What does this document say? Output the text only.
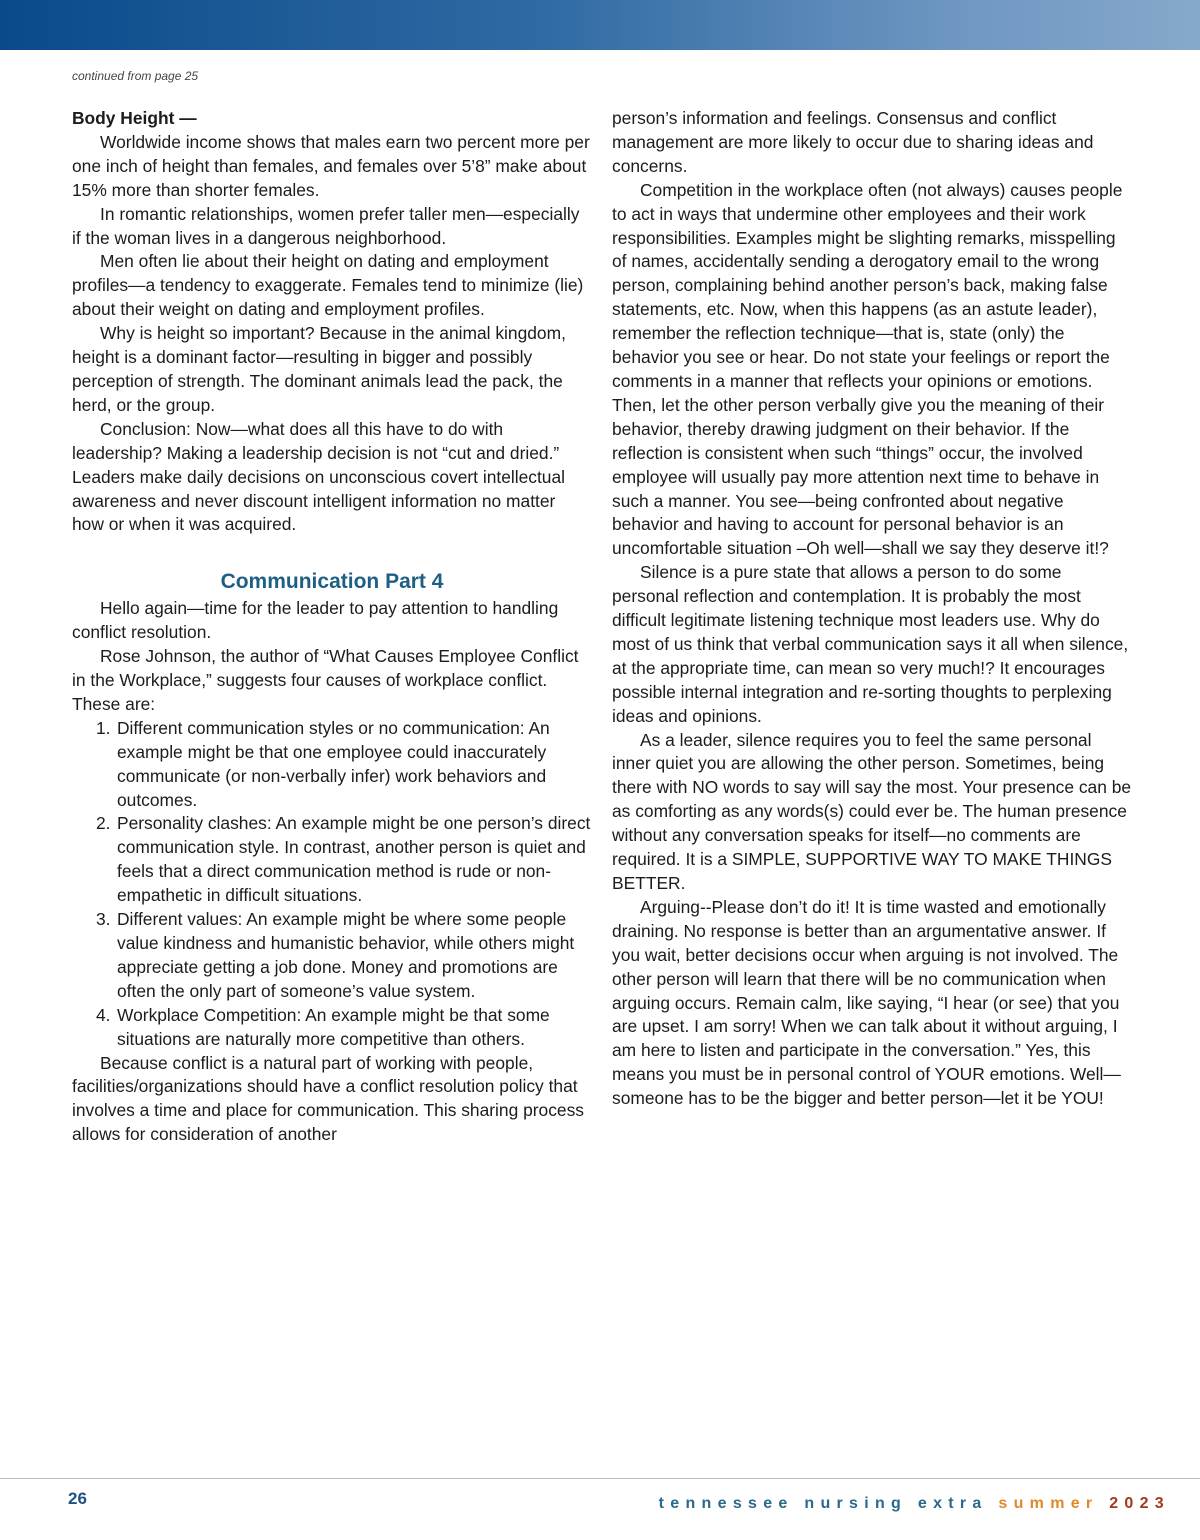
continued from page 25
Body Height —

Worldwide income shows that males earn two percent more per one inch of height than females, and females over 5’8” make about 15% more than shorter females.

In romantic relationships, women prefer taller men—especially if the woman lives in a dangerous neighborhood.

Men often lie about their height on dating and employment profiles—a tendency to exaggerate. Females tend to minimize (lie) about their weight on dating and employment profiles.

Why is height so important? Because in the animal kingdom, height is a dominant factor—resulting in bigger and possibly perception of strength. The dominant animals lead the pack, the herd, or the group.

Conclusion: Now—what does all this have to do with leadership? Making a leadership decision is not “cut and dried.” Leaders make daily decisions on unconscious covert intellectual awareness and never discount intelligent information no matter how or when it was acquired.

Communication Part 4

Hello again—time for the leader to pay attention to handling conflict resolution.

Rose Johnson, the author of “What Causes Employee Conflict in the Workplace,” suggests four causes of workplace conflict. These are:

1. Different communication styles or no communication: An example might be that one employee could inaccurately communicate (or non-verbally infer) work behaviors and outcomes.
2. Personality clashes: An example might be one person’s direct communication style. In contrast, another person is quiet and feels that a direct communication method is rude or non-empathetic in difficult situations.
3. Different values: An example might be where some people value kindness and humanistic behavior, while others might appreciate getting a job done. Money and promotions are often the only part of someone’s value system.
4. Workplace Competition: An example might be that some situations are naturally more competitive than others.

Because conflict is a natural part of working with people, facilities/organizations should have a conflict resolution policy that involves a time and place for communication. This sharing process allows for consideration of another

person’s information and feelings. Consensus and conflict management are more likely to occur due to sharing ideas and concerns.

Competition in the workplace often (not always) causes people to act in ways that undermine other employees and their work responsibilities. Examples might be slighting remarks, misspelling of names, accidentally sending a derogatory email to the wrong person, complaining behind another person’s back, making false statements, etc. Now, when this happens (as an astute leader), remember the reflection technique—that is, state (only) the behavior you see or hear. Do not state your feelings or report the comments in a manner that reflects your opinions or emotions. Then, let the other person verbally give you the meaning of their behavior, thereby drawing judgment on their behavior. If the reflection is consistent when such “things” occur, the involved employee will usually pay more attention next time to behave in such a manner. You see—being confronted about negative behavior and having to account for personal behavior is an uncomfortable situation –Oh well—shall we say they deserve it!?

Silence is a pure state that allows a person to do some personal reflection and contemplation. It is probably the most difficult legitimate listening technique most leaders use. Why do most of us think that verbal communication says it all when silence, at the appropriate time, can mean so very much!? It encourages possible internal integration and re-sorting thoughts to perplexing ideas and opinions.

As a leader, silence requires you to feel the same personal inner quiet you are allowing the other person. Sometimes, being there with NO words to say will say the most. Your presence can be as comforting as any words(s) could ever be. The human presence without any conversation speaks for itself—no comments are required. It is a SIMPLE, SUPPORTIVE WAY TO MAKE THINGS BETTER.

Arguing--Please don’t do it! It is time wasted and emotionally draining. No response is better than an argumentative answer. If you wait, better decisions occur when arguing is not involved. The other person will learn that there will be no communication when arguing occurs. Remain calm, like saying, “I hear (or see) that you are upset. I am sorry! When we can talk about it without arguing, I am here to listen and participate in the conversation.” Yes, this means you must be in personal control of YOUR emotions. Well—someone has to be the bigger and better person—let it be YOU!

26	tennessee nursing extra summer 2023
